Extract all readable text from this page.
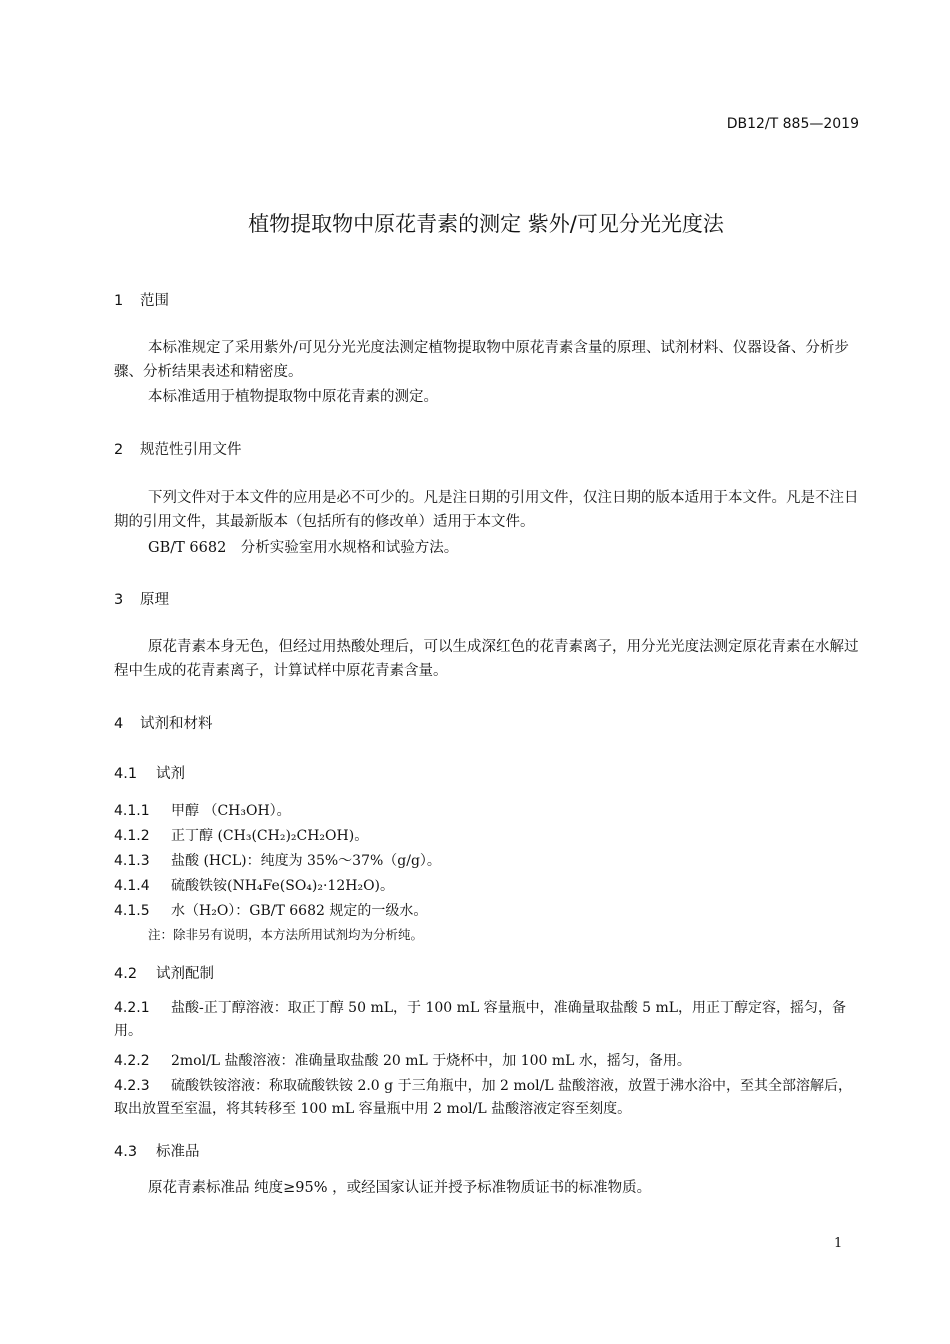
DB12/T 885—2019
植物提取物中原花青素的测定 紫外/可见分光光度法
1 范围
本标准规定了采用紫外/可见分光光度法测定植物提取物中原花青素含量的原理、试剂材料、仪器设备、分析步骤、分析结果表述和精密度。
本标准适用于植物提取物中原花青素的测定。
2 规范性引用文件
下列文件对于本文件的应用是必不可少的。凡是注日期的引用文件，仅注日期的版本适用于本文件。凡是不注日期的引用文件，其最新版本（包括所有的修改单）适用于本文件。
GB/T 6682　分析实验室用水规格和试验方法。
3 原理
原花青素本身无色，但经过用热酸处理后，可以生成深红色的花青素离子，用分光光度法测定原花青素在水解过程中生成的花青素离子，计算试样中原花青素含量。
4 试剂和材料
4.1 试剂
4.1.1 甲醇 （CH₃OH）。
4.1.2 正丁醇 (CH₃(CH₂)₂CH₂OH)。
4.1.3 盐酸 (HCL)：纯度为 35%～37%（g/g）。
4.1.4 硫酸铁铵(NH₄Fe(SO₄)₂·12H₂O)。
4.1.5 水（H₂O）：GB/T 6682 规定的一级水。
注：除非另有说明，本方法所用试剂均为分析纯。
4.2 试剂配制
4.2.1 盐酸-正丁醇溶液：取正丁醇 50 mL，于 100 mL 容量瓶中，准确量取盐酸 5 mL，用正丁醇定容，摇匀，备用。
4.2.2 2mol/L 盐酸溶液：准确量取盐酸 20 mL 于烧杯中，加 100 mL 水，摇匀，备用。
4.2.3 硫酸铁铵溶液：称取硫酸铁铵 2.0 g 于三角瓶中，加 2 mol/L 盐酸溶液，放置于沸水浴中，至其全部溶解后，取出放置至室温，将其转移至 100 mL 容量瓶中用 2 mol/L 盐酸溶液定容至刻度。
4.3 标准品
原花青素标准品 纯度≥95% ，或经国家认证并授予标准物质证书的标准物质。
1
